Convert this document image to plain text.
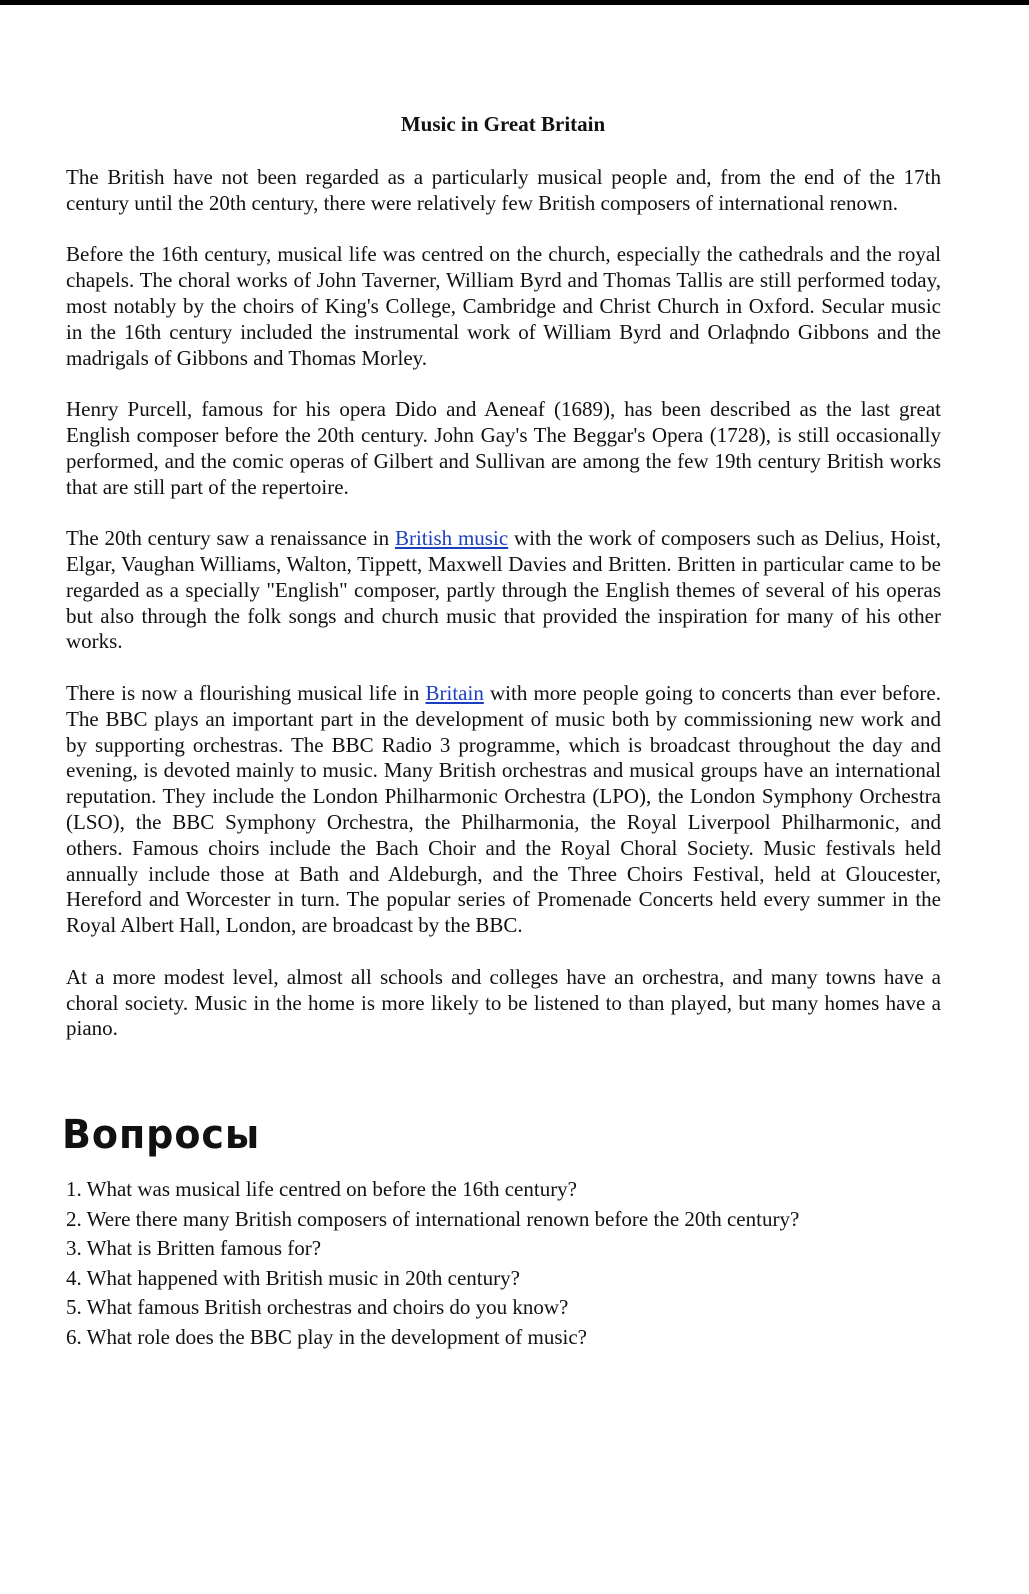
Music in Great Britain

The British have not been regarded as a particularly musical people and, from the end of the 17th century until the 20th century, there were relatively few British composers of international renown.

Before the 16th century, musical life was centred on the church, especially the cathedrals and the royal chapels. The choral works of John Taverner, William Byrd and Thomas Tallis are still performed today, most notably by the choirs of King's College, Cambridge and Christ Church in Oxford. Secular music in the 16th century included the instrumental work of William Byrd and Orlaфndo Gibbons and the madrigals of Gibbons and Thomas Morley.

Henry Purcell, famous for his opera Dido and Aeneaf (1689), has been described as the last great English composer before the 20th century. John Gay's The Beggar's Opera (1728), is still occasionally performed, and the comic operas of Gilbert and Sullivan are among the few 19th century British works that are still part of the repertoire.

The 20th century saw a renaissance in British music with the work of composers such as Delius, Hoist, Elgar, Vaughan Williams, Walton, Tippett, Maxwell Davies and Britten. Britten in particular came to be regarded as a specially "English" composer, partly through the English themes of several of his operas but also through the folk songs and church music that provided the inspiration for many of his other works.

There is now a flourishing musical life in Britain with more people going to concerts than ever before. The BBC plays an important part in the development of music both by commissioning new work and by supporting orchestras. The BBC Radio 3 programme, which is broadcast throughout the day and evening, is devoted mainly to music. Many British orchestras and musical groups have an international reputation. They include the London Philharmonic Orchestra (LPO), the London Symphony Orchestra (LSO), the BBC Symphony Orchestra, the Philharmonia, the Royal Liverpool Philharmonic, and others. Famous choirs include the Bach Choir and the Royal Choral Society. Music festivals held annually include those at Bath and Aldeburgh, and the Three Choirs Festival, held at Gloucester, Hereford and Worcester in turn. The popular series of Promenade Concerts held every summer in the Royal Albert Hall, London, are broadcast by the BBC.

At a more modest level, almost all schools and colleges have an orchestra, and many towns have a choral society. Music in the home is more likely to be listened to than played, but many homes have a piano.

Вопросы
1. What was musical life centred on before the 16th century?
2. Were there many British composers of international renown before the 20th century?
3. What is Britten famous for?
4. What happened with British music in 20th century?
5. What famous British orchestras and choirs do you know?
6. What role does the BBC play in the development of music?
